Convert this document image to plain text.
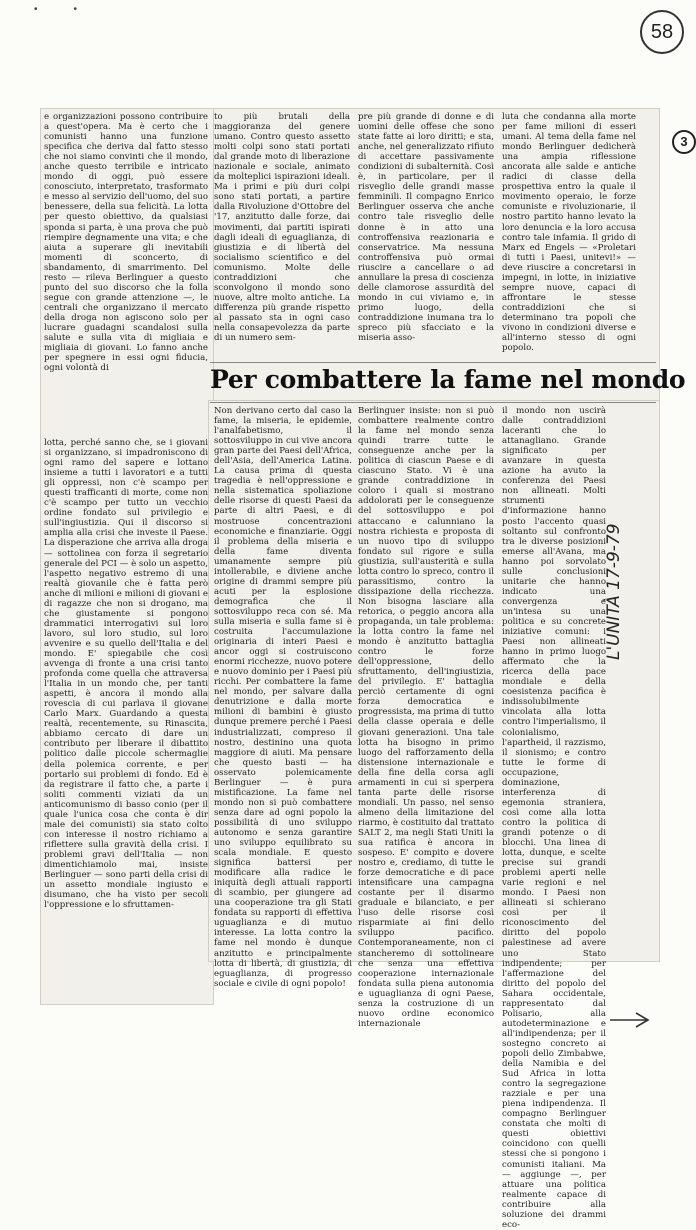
••
58
3
e organizzazioni possono contribuire a quest'opera. Ma è certo che i comunisti hanno una funzione specifica che deriva dal fatto stesso che noi siamo convinti che il mondo, anche questo terribile e intricato mondo di oggi, può essere conosciuto, interpretato, trasformato e messo al servizio dell'uomo, del suo benessere, della sua felicità. La lotta per questo obiettivo, da qualsiasi sponda si parta, è una prova che può riempire degnamente una vita; e che aiuta a superare gli inevitabili momenti di sconcerto, di sbandamento, di smarrimento. Del resto — rileva Berlinguer a questo punto del suo discorso che la folla segue con grande attenzione —, le centrali che organizzano il mercato della droga non agiscono solo per lucrare guadagni scandalosi sulla salute e sulla vita di migliaia e migliaia di giovani. Lo fanno anche per spegnere in essi ogni fiducia, ogni volontà di
to più brutali della maggioranza del genere umano. Contro questo assetto molti colpi sono stati portati dal grande moto di liberazione nazionale e sociale, animato da molteplici ispirazioni ideali. Ma i primi e più duri colpi sono stati portati, a partire dalla Rivoluzione d'Ottobre del '17, anzitutto dalle forze, dai movimenti, dai partiti ispirati dagli ideali di eguaglianza, di giustizia e di libertà del socialismo scientifico e del comunismo. Molte delle contraddizioni che sconvolgono il mondo sono nuove, altre molto antiche. La differenza più grande rispetto al passato sta in ogni caso nella consapevolezza da parte di un numero sem-
pre più grande di donne e di uomini delle offese che sono state fatte ai loro diritti; e sta, anche, nel generalizzato rifiuto di accettare passivamente condizioni di subalternità. Così è, in particolare, per il risveglio delle grandi masse femminili. Il compagno Enrico Berlinguer osserva che anche contro tale risveglio delle donne è in atto una controffensiva reazionaria e conservatrice. Ma nessuna controffensiva può ormai riuscire a cancellare o ad annullare la presa di coscienza delle clamorose assurdità del mondo in cui viviamo e, in primo luogo, della contraddizione inumana tra lo spreco più sfacciato e la miseria asso-
luta che condanna alla morte per fame milioni di esseri umani. Al tema della fame nel mondo Berlinguer dedicherà una ampia riflessione ancorata alle salde e antiche radici di classe della prospettiva entro la quale il movimento operaio, le forze comuniste e rivoluzionarie, il nostro partito hanno levato la loro denuncia e la loro accusa contro tale infamia. Il grido di Marx ed Engels — «Proletari di tutti i Paesi, unitevi!» — deve riuscire a concretarsi in impegni, in lotte, in iniziative sempre nuove, capaci di affrontare le stesse contraddizioni che si determinano tra popoli che vivono in condizioni diverse e all'interno stesso di ogni popolo.
Per combattere la fame nel mondo
lotta, perché sanno che, se i giovani si organizzano, si impadroniscono di ogni ramo del sapere e lottano insieme a tutti i lavoratori e a tutti gli oppressi, non c'è scampo per questi trafficanti di morte, come non c'è scampo per tutto un vecchio ordine fondato sul privilegio e sull'ingiustizia. Qui il discorso si amplia alla crisi che investe il Paese. La disperazione che arriva alla droga — sottolinea con forza il segretario generale del PCI — è solo un aspetto, l'aspetto negativo estremo di una realtà giovanile che è fatta però anche di milioni e milioni di giovani e di ragazze che non si drogano, ma che giustamente si pongono drammatici interrogativi sul loro lavoro, sul loro studio, sul loro avvenire e su quello dell'Italia e del mondo. E' spiegabile che così avvenga di fronte a una crisi tanto profonda come quella che attraversa l'Italia in un mondo che, per tanti aspetti, è ancora il mondo alla rovescia di cui parlava il giovane Carlo Marx. Guardando a questa realtà, recentemente, su Rinascita, abbiamo cercato di dare un contributo per liberare il dibattito politico dalle piccole schermaglie della polemica corrente, e per portarlo sui problemi di fondo. Ed è da registrare il fatto che, a parte i soliti commenti viziati da un anticomunismo di basso conio (per il quale l'unica cosa che conta è dir male dei comunisti) sia stato colto con interesse il nostro richiamo a riflettere sulla gravità della crisi. I problemi gravi dell'Italia — non dimentichiamolo mai, insiste Berlinguer — sono parti della crisi di un assetto mondiale ingiusto e disumano, che ha visto per secoli l'oppressione e lo sfruttamen-
Non derivano certo dal caso la fame, la miseria, le epidemie, l'analfabetismo, il sottosviluppo in cui vive ancora gran parte dei Paesi dell'Africa, dell'Asia, dell'America Latina. La causa prima di questa tragedia è nell'oppressione e nella sistematica spoliazione delle risorse di questi Paesi da parte di altri Paesi, e di mostruose concentrazioni economiche e finanziarie. Oggi il problema della miseria e della fame diventa umanamente sempre più intollerabile, e diviene anche origine di drammi sempre più acuti per la esplosione demografica che il sottosviluppo reca con sé. Ma sulla miseria e sulla fame si è costruita l'accumulazione originaria di interi Paesi e ancor oggi si costruiscono enormi ricchezze, nuovo potere e nuovo dominio per i Paesi più ricchi. Per combattere la fame nel mondo, per salvare dalla denutrizione e dalla morte milioni di bambini è giusto dunque premere perché i Paesi industrializzati, compreso il nostro, destinino una quota maggiore di aiuti. Ma pensare che questo basti — ha osservato polemicamente Berlinguer — è pura mistificazione. La fame nel mondo non si può combattere senza dare ad ogni popolo la possibilità di uno sviluppo autonomo e senza garantire uno sviluppo equilibrato su scala mondiale. E questo significa battersi per modificare alla radice le iniquità degli attuali rapporti di scambio, per giungere ad una cooperazione tra gli Stati fondata su rapporti di effettiva uguaglianza e di mutuo interesse. La lotta contro la fame nel mondo è dunque anzitutto e principalmente lotta di libertà, di giustizia, di eguaglianza, di progresso sociale e civile di ogni popolo!
Berlinguer insiste: non si può combattere realmente contro la fame nel mondo senza quindi trarre tutte le conseguenze anche per la politica di ciascun Paese e di ciascuno Stato. Vi è una grande contraddizione in coloro i quali si mostrano addolorati per le conseguenze del sottosviluppo e poi attaccano e calunniano la nostra richiesta e proposta di un nuovo tipo di sviluppo fondato sul rigore e sulla giustizia, sull'austerità e sulla lotta contro lo spreco, contro il parassitismo, contro la dissipazione della ricchezza. Non bisogna lasciare alla retorica, o peggio ancora alla propaganda, un tale problema: la lotta contro la fame nel mondo è anzitutto battaglia contro le forze dell'oppressione, dello sfruttamento, dell'ingiustizia, del privilegio. E' battaglia perciò certamente di ogni forza democratica e progressista, ma prima di tutto della classe operaia e delle giovani generazioni. Una tale lotta ha bisogno in primo luogo del rafforzamento della distensione internazionale e della fine della corsa agli armamenti in cui si sperpera tanta parte delle risorse mondiali. Un passo, nel senso almeno della limitazione del riarmo, è costituito dal trattato SALT 2, ma negli Stati Uniti la sua ratifica è ancora in sospeso. E' compito e dovere nostro e, crediamo, di tutte le forze democratiche e di pace intensificare una campagna costante per il disarmo graduale e bilanciato, e per l'uso delle risorse così risparmiate ai fini dello sviluppo pacifico. Contemporaneamente, non ci stancheremo di sottolineare che senza una effettiva cooperazione internazionale fondata sulla piena autonomia e uguaglianza di ogni Paese, senza la costruzione di un nuovo ordine economico internazionale
il mondo non uscirà dalle contraddizioni laceranti che lo attanagliano. Grande significato per avanzare in questa azione ha avuto la conferenza dei Paesi non allineati. Molti strumenti d'informazione hanno posto l'accento quasi soltanto sul confronto tra le diverse posizioni emerse all'Avana, ma hanno poi sorvolato sulle conclusioni unitarie che hanno indicato una convergenza e un'intesa su una politica e su concrete iniziative comuni: i Paesi non allineati hanno in primo luogo affermato che la ricerca della pace mondiale e della coesistenza pacifica è indissolubilmente vincolata alla lotta contro l'imperialismo, il colonialismo, l'apartheid, il razzismo, il sionismo; e contro tutte le forme di occupazione, dominazione, interferenza di egemonia straniera, così come alla lotta contro la politica di grandi potenze o di blocchi. Una linea di lotta, dunque, e scelte precise sui grandi problemi aperti nelle varie regioni e nel mondo. I Paesi non allineati si schierano così per il riconoscimento del diritto del popolo palestinese ad avere uno Stato indipendente; per l'affermazione del diritto del popolo del Sahara occidentale, rappresentato dal Polisario, alla autodeterminazione e all'indipendenza; per il sostegno concreto ai popoli dello Zimbabwe, della Namibia e del Sud Africa in lotta contro la segregazione razziale e per una piena indipendenza. Il compagno Berlinguer constata che molti di questi obiettivi coincidono con quelli stessi che si pongono i comunisti italiani. Ma — aggiunge —, per attuare una politica realmente capace di contribuire alla soluzione dei drammi eco-
L'UNITÀ 17-9-79
